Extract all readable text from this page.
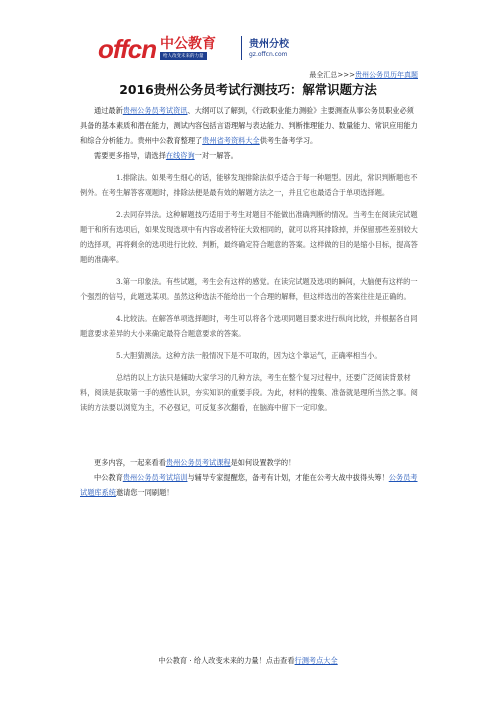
offcn 中公教育
给人改变未来的力量
贵州分校
gz.offcn.com
最全汇总>>>贵州公务员历年真题
2016贵州公务员考试行测技巧：解常识题方法

通过最新贵州公务员考试资讯、大纲可以了解到，《行政职业能力测验》主要测查从事公务员职业必须具备的基本素质和潜在能力，测试内容包括言语理解与表达能力、判断推理能力、数量能力、常识应用能力和综合分析能力。贵州中公教育整理了贵州省考资料大全供考生备考学习。

需要更多指导，请选择在线咨询一对一解答。

1.排除法。如果考生细心的话，能够发现排除法似乎适合于每一种题型。因此，常识判断题也不例外。在考生解答客观题时，排除法便是最有效的解题方法之一，并且它也最适合于单项选择题。

2.去同存异法。这种解题技巧适用于考生对题目不能做出准确判断的情况。当考生在阅读完试题题干和所有选项后，如果发现选项中有内容或者特征大致相同的，就可以将其排除掉，并保留那些差别较大的选择项，再将剩余的选项进行比较、判断，最终确定符合题意的答案。这样做的目的是缩小目标，提高答题的准确率。

3.第一印象法。有些试题，考生会有这样的感觉。在读完试题及选项的瞬间，大脑便有这样的一个强烈的信号，此题选某项。虽然这种选法不能给出一个合理的解释，但这样选出的答案往往是正确的。

4.比较法。在解答单项选择题时，考生可以将各个选项同题目要求进行纵向比较，并根据各自同题意要求差异的大小来确定最符合题意要求的答案。

5.大胆猜测法。这种方法一般情况下是不可取的，因为这个靠运气，正确率相当小。

总结的以上方法只是辅助大家学习的几种方法，考生在整个复习过程中，还要广泛阅读背景材料，阅读是获取第一手的感性认识，夯实知识的重要手段。为此，材料的搜集、准备就是理所当然之事。阅读的方法要以浏览为主，不必强记，可反复多次翻看，在脑海中留下一定印象。

更多内容，一起来看看贵州公务员考试课程是如何设置教学的！

中公教育贵州公务员考试培训与辅导专家提醒您，备考有计划，才能在公考大战中拔得头筹！公务员考试题库系统邀请您一同刷题！

中公教育 · 给人改变未来的力量！点击查看行测考点大全
